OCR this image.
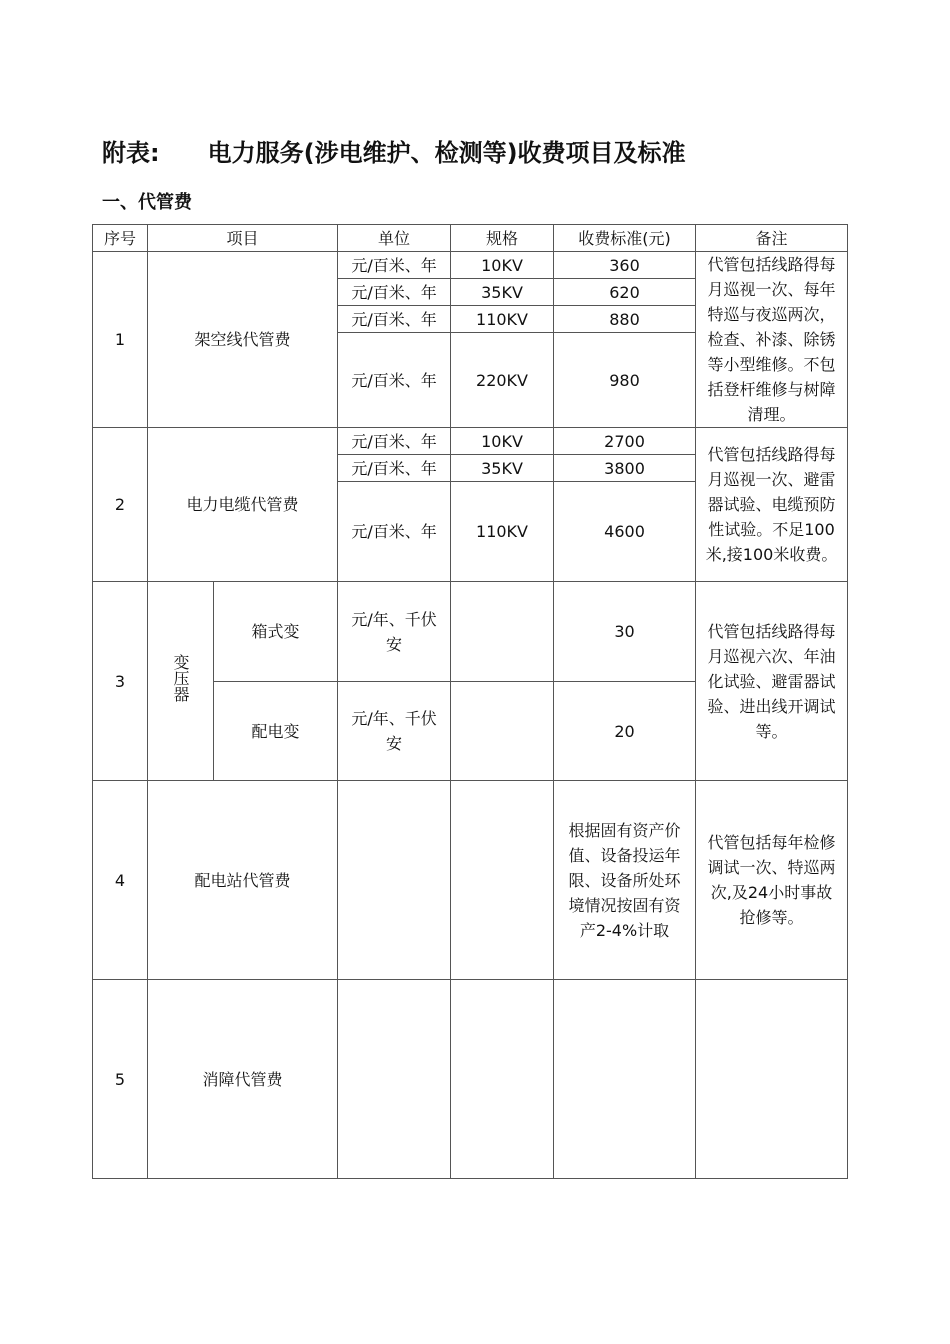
附表: 电力服务(涉电维护、检测等)收费项目及标准
一、代管费
序号	项目		单位	规格	收费标准(元)	备注
1	架空线代管费		元/百米、年	10KV	360	代管包括线路得每月巡视一次、每年特巡与夜巡两次，检查、补漆、除锈等小型维修。不包括登杆维修与树障清理。
			元/百米、年	35KV	620	
			元/百米、年	110KV	880	
			元/百米、年	220KV	980	
2	电力电缆代管费		元/百米、年	10KV	2700	代管包括线路得每月巡视一次、避雷器试验、电缆预防性试验。不足100米,接100米收费。
			元/百米、年	35KV	3800	
			元/百米、年	110KV	4600	
3	变压器	箱式变	元/年、千伏安		30	代管包括线路得每月巡视六次、年油化试验、避雷器试验、进出线开调试等。
		配电变	元/年、千伏安		20	
4	配电站代管费				根据固有资产价值、设备投运年限、设备所处环境情况按固有资产2-4%计取	代管包括每年检修调试一次、特巡两次,及24小时事故抢修等。
5	消障代管费					
